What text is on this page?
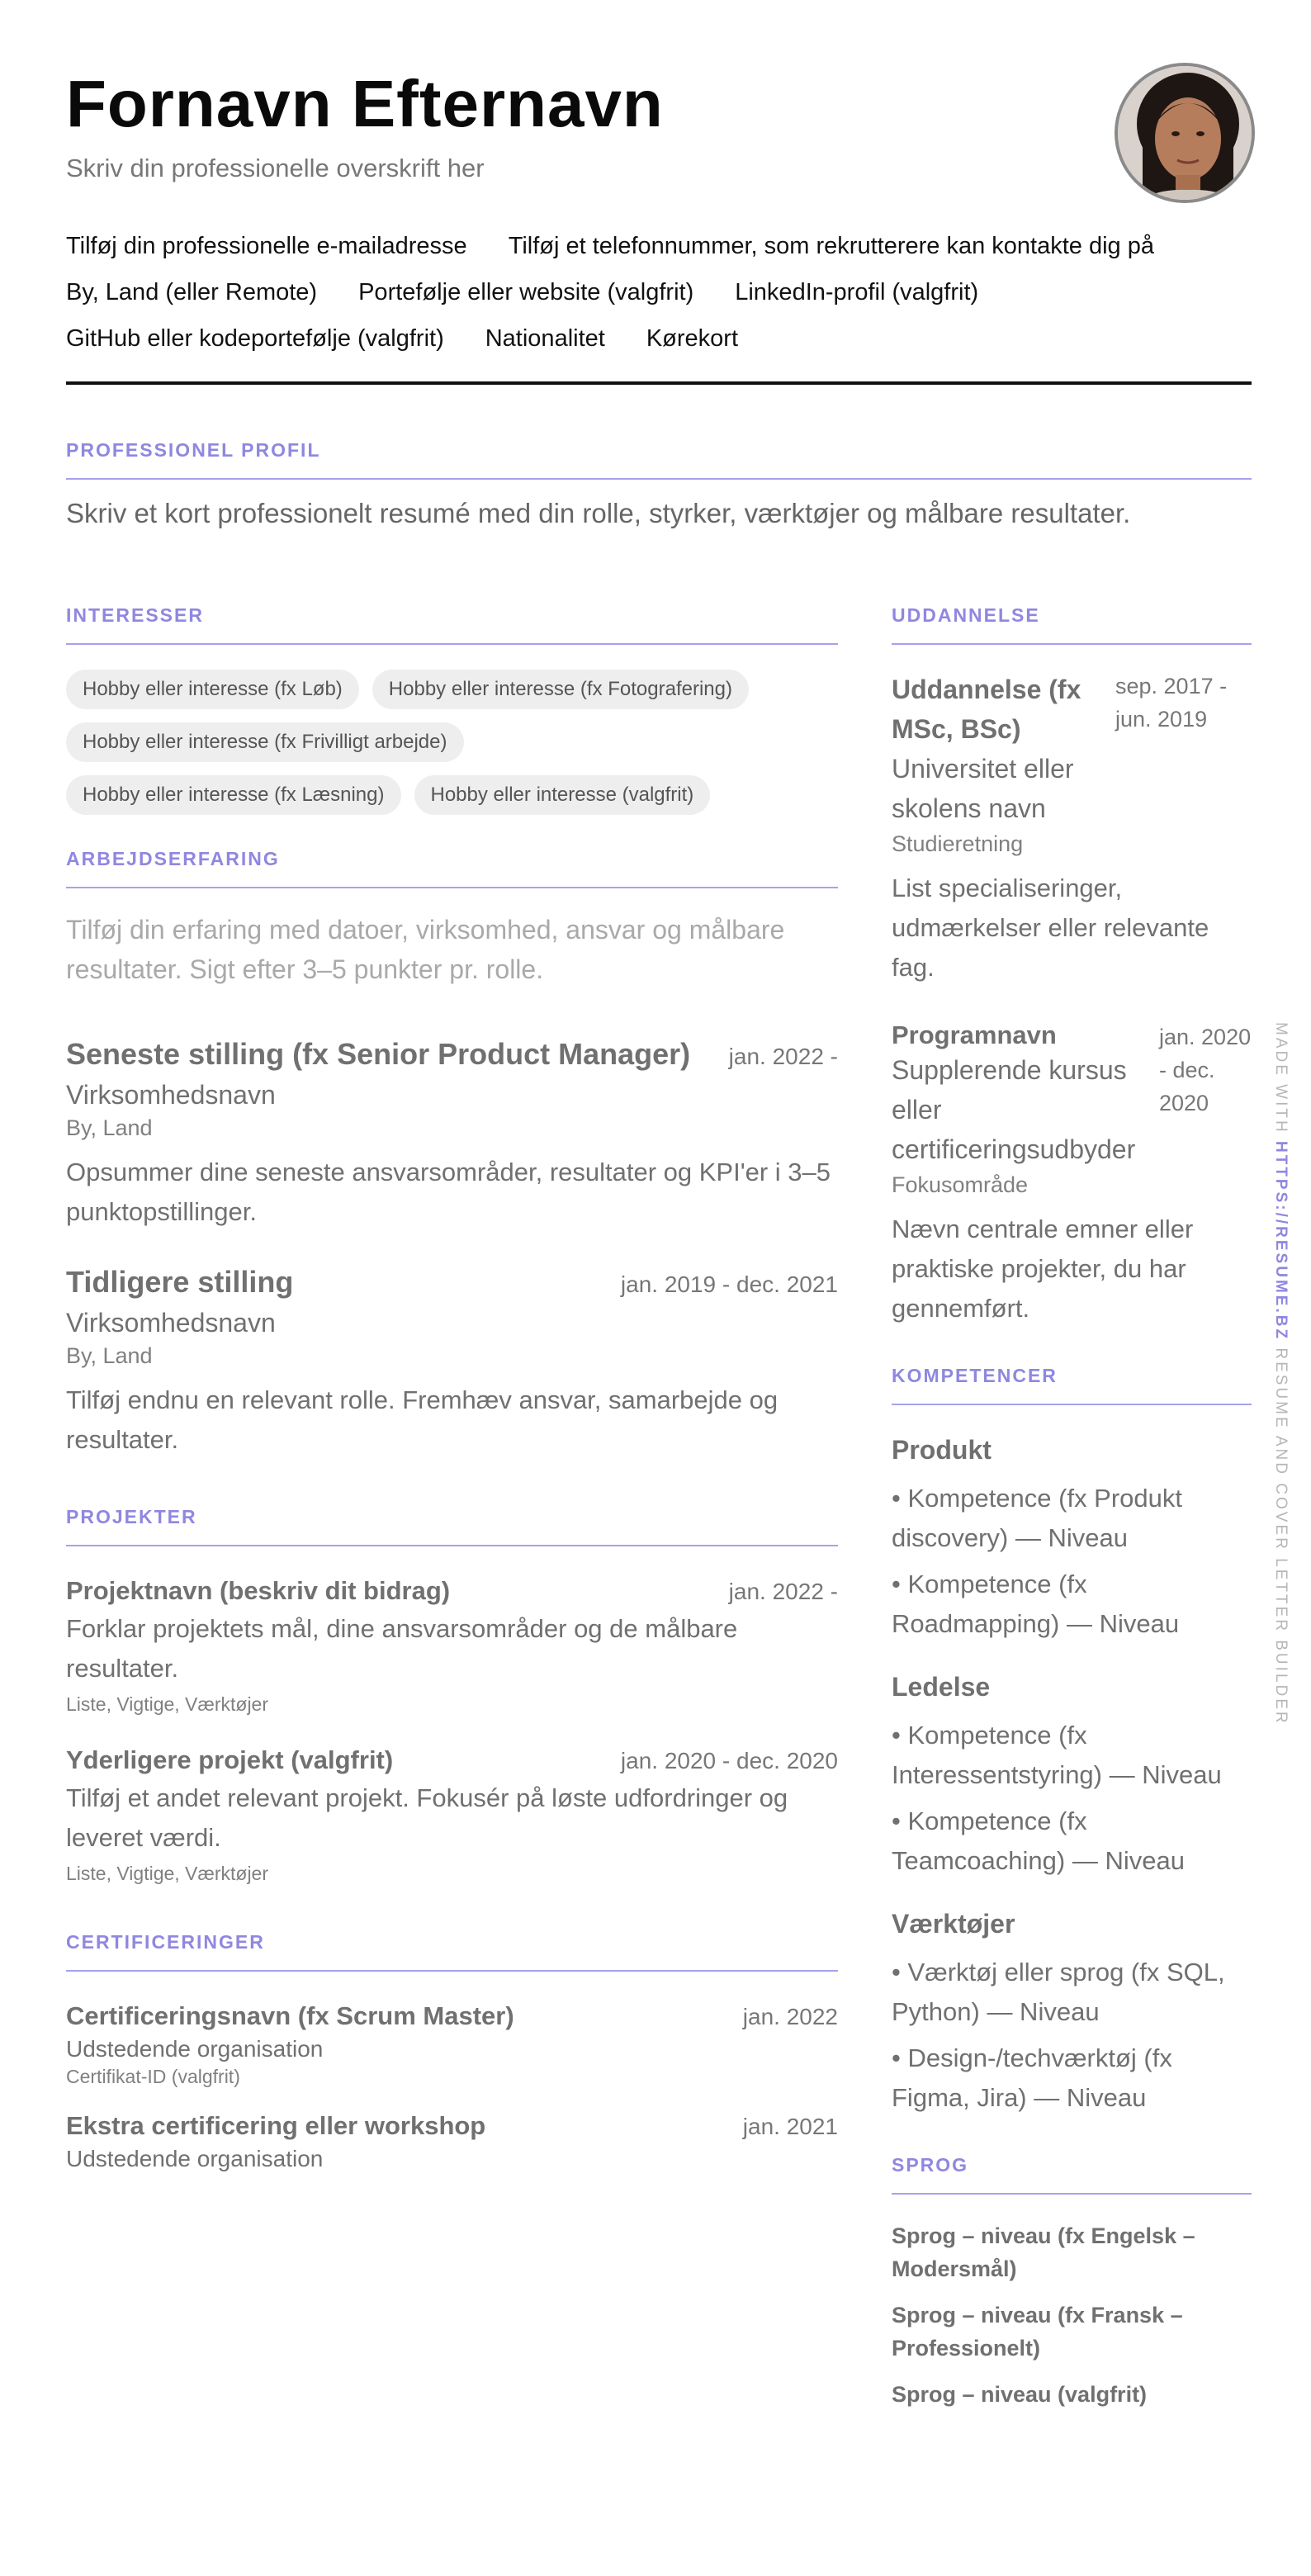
Fornavn Efternavn
Skriv din professionelle overskrift her
Tilføj din professionelle e-mailadresse Tilføj et telefonnummer, som rekrutterere kan kontakte dig på
By, Land (eller Remote) Portefølje eller website (valgfrit) LinkedIn-profil (valgfrit)
GitHub eller kodeportefølje (valgfrit) Nationalitet Kørekort
PROFESSIONEL PROFIL

Skriv et kort professionelt resumé med din rolle, styrker, værktøjer og målbare resultater.

INTERESSER
Hobby eller interesse (fx Løb)	Hobby eller interesse (fx Fotografering)
Hobby eller interesse (fx Frivilligt arbejde)
Hobby eller interesse (fx Læsning)	Hobby eller interesse (valgfrit)
ARBEJDSERFARING

Tilføj din erfaring med datoer, virksomhed, ansvar og målbare resultater. Sigt efter 3–5 punkter pr. rolle.

Seneste stilling (fx Senior Product Manager) jan. 2022 -
Virksomhedsnavn
By, Land

Opsummer dine seneste ansvarsområder, resultater og KPI'er i 3–5 punktopstillinger.

Tidligere stilling	jan. 2019 - dec. 2021
Virksomhedsnavn
By, Land

Tilføj endnu en relevant rolle. Fremhæv ansvar, samarbejde og resultater.

PROJEKTER
Projektnavn (beskriv dit bidrag)	jan. 2022 -

Forklar projektets mål, dine ansvarsområder og de målbare resultater.

Liste, Vigtige, Værktøjer
Yderligere projekt (valgfrit)	jan. 2020 - dec. 2020

Tilføj et andet relevant projekt. Fokusér på løste udfordringer og leveret værdi.

Liste, Vigtige, Værktøjer
CERTIFICERINGER
Certificeringsnavn (fx Scrum Master)	jan. 2022
Udstedende organisation
Certifikat-ID (valgfrit)
Ekstra certificering eller workshop	jan. 2021
Udstedende organisation
UDDANNELSE
Uddannelse (fx MSc, BSc)
sep. 2017 - jun. 2019
Universitet eller skolens navn
Studieretning

List specialiseringer, udmærkelser eller relevante fag.

Programnavn
Supplerende kursus eller certificeringsudbyder
jan. 2020 - dec. 2020
Fokusområde

Nævn centrale emner eller praktiske projekter, du har gennemført.

KOMPETENCER
Produkt
• Kompetence (fx Produkt discovery) — Niveau
• Kompetence (fx Roadmapping) — Niveau
Ledelse
• Kompetence (fx Interessentstyring) — Niveau
• Kompetence (fx Teamcoaching) — Niveau
Værktøjer
• Værktøj eller sprog (fx SQL, Python) — Niveau
• Design-/techværktøj (fx Figma, Jira) — Niveau
SPROG
Sprog – niveau (fx Engelsk – Modersmål)
Sprog – niveau (fx Fransk – Professionelt)
Sprog – niveau (valgfrit)
MADE WITH HTTPS://RESUME.BZ RESUME AND COVER LETTER BUILDER
